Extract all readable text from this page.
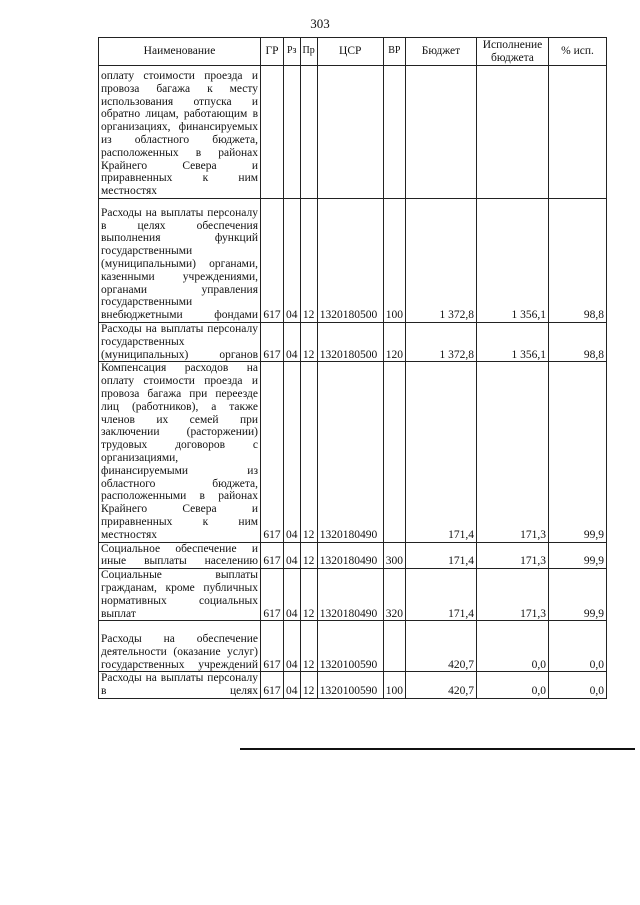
303
Наименование	ГР	Рз	Пр	ЦСР	ВР	Бюджет	Исполнение бюджета	% исп.
оплату стоимости проезда и провоза багажа к месту использования отпуска и обратно лицам, работающим в организациях, финансируемых из областного бюджета, расположенных в районах Крайнего Севера и приравненных к ним местностях								
Расходы на выплаты персоналу в целях обеспечения выполнения функций государственными (муниципальными) органами, казенными учреждениями, органами управления государственными внебюджетными фондами	617	04	12	1320180500	100	1 372,8	1 356,1	98,8
Расходы на выплаты персоналу государственных (муниципальных) органов	617	04	12	1320180500	120	1 372,8	1 356,1	98,8
Компенсация расходов на оплату стоимости проезда и провоза багажа при переезде лиц (работников), а также членов их семей при заключении (расторжении) трудовых договоров с организациями, финансируемыми из областного бюджета, расположенными в районах Крайнего Севера и приравненных к ним местностях	617	04	12	1320180490		171,4	171,3	99,9
Социальное обеспечение и иные выплаты населению	617	04	12	1320180490	300	171,4	171,3	99,9
Социальные выплаты гражданам, кроме публичных нормативных социальных выплат	617	04	12	1320180490	320	171,4	171,3	99,9
Расходы на обеспечение деятельности (оказание услуг) государственных учреждений	617	04	12	1320100590		420,7	0,0	0,0
Расходы на выплаты персоналу в целях	617	04	12	1320100590	100	420,7	0,0	0,0
